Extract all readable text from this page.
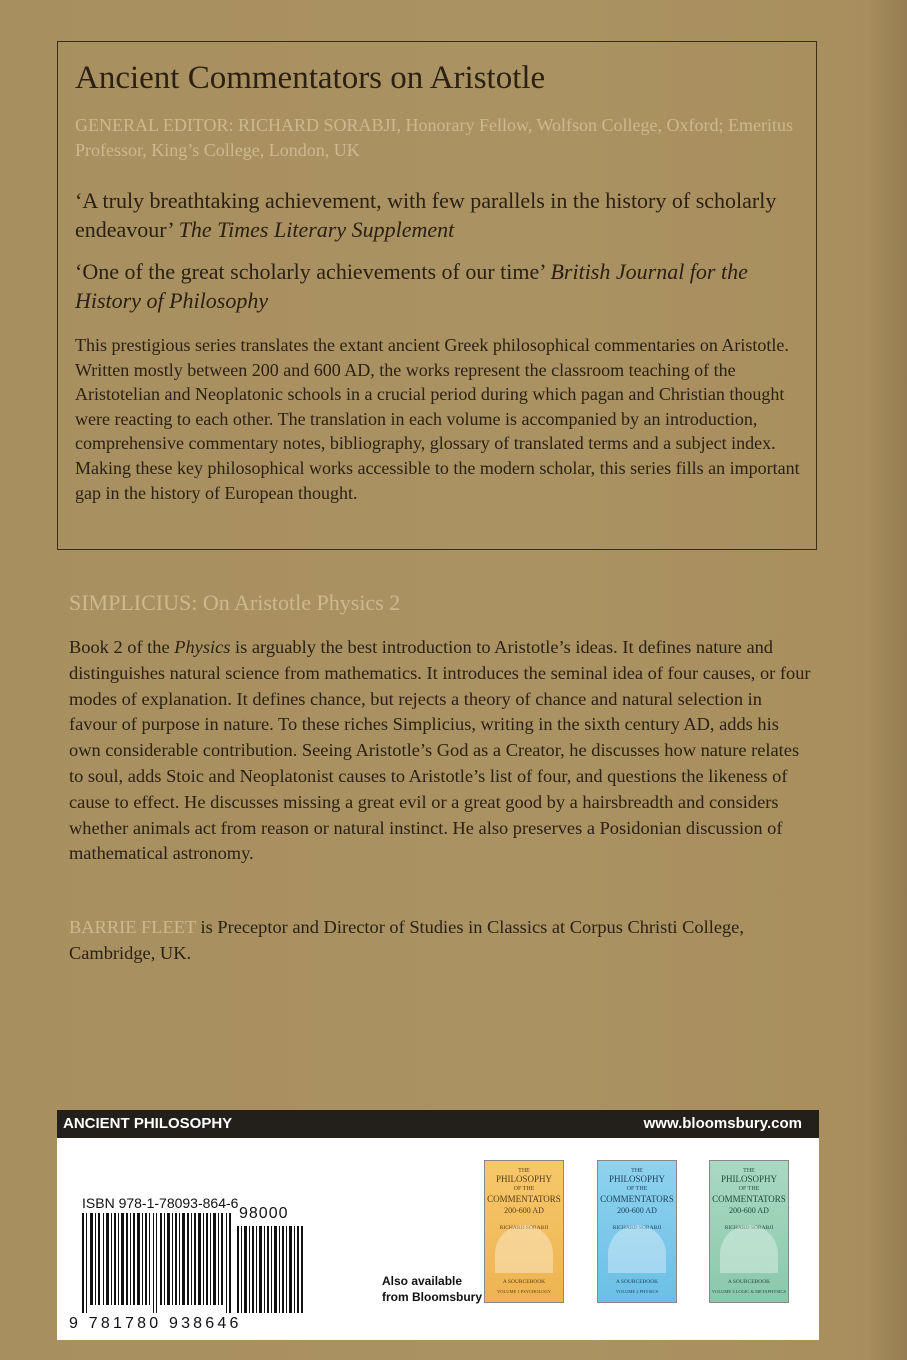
Ancient Commentators on Aristotle
GENERAL EDITOR: RICHARD SORABJI, Honorary Fellow, Wolfson College, Oxford; Emeritus Professor, King’s College, London, UK
‘A truly breathtaking achievement, with few parallels in the history of scholarly endeavour’ The Times Literary Supplement
‘One of the great scholarly achievements of our time’ British Journal for the History of Philosophy
This prestigious series translates the extant ancient Greek philosophical commentaries on Aristotle. Written mostly between 200 and 600 AD, the works represent the classroom teaching of the Aristotelian and Neoplatonic schools in a crucial period during which pagan and Christian thought were reacting to each other. The translation in each volume is accompanied by an introduction, comprehensive commentary notes, bibliography, glossary of translated terms and a subject index. Making these key philosophical works accessible to the modern scholar, this series fills an important gap in the history of European thought.
SIMPLICIUS: On Aristotle Physics 2
Book 2 of the Physics is arguably the best introduction to Aristotle’s ideas. It defines nature and distinguishes natural science from mathematics. It introduces the seminal idea of four causes, or four modes of explanation. It defines chance, but rejects a theory of chance and natural selection in favour of purpose in nature. To these riches Simplicius, writing in the sixth century AD, adds his own considerable contribution. Seeing Aristotle’s God as a Creator, he discusses how nature relates to soul, adds Stoic and Neoplatonist causes to Aristotle’s list of four, and questions the likeness of cause to effect. He discusses missing a great evil or a great good by a hairsbreadth and considers whether animals act from reason or natural instinct. He also preserves a Posidonian discussion of mathematical astronomy.
BARRIE FLEET is Preceptor and Director of Studies in Classics at Corpus Christi College, Cambridge, UK.
ANCIENT PHILOSOPHY	www.bloomsbury.com
ISBN 978-1-78093-864-6
98000
9 781780 938646
Also available
from Bloomsbury
THE
PHILOSOPHY
OF THE
COMMENTATORS
200-600 AD
RICHARD SORABJI
A SOURCEBOOK
VOLUME 1 PSYCHOLOGY
THE
PHILOSOPHY
OF THE
COMMENTATORS
200-600 AD
RICHARD SORABJI
A SOURCEBOOK
VOLUME 2 PHYSICS
THE
PHILOSOPHY
OF THE
COMMENTATORS
200-600 AD
RICHARD SORABJI
A SOURCEBOOK
VOLUME 3 LOGIC & METAPHYSICS
